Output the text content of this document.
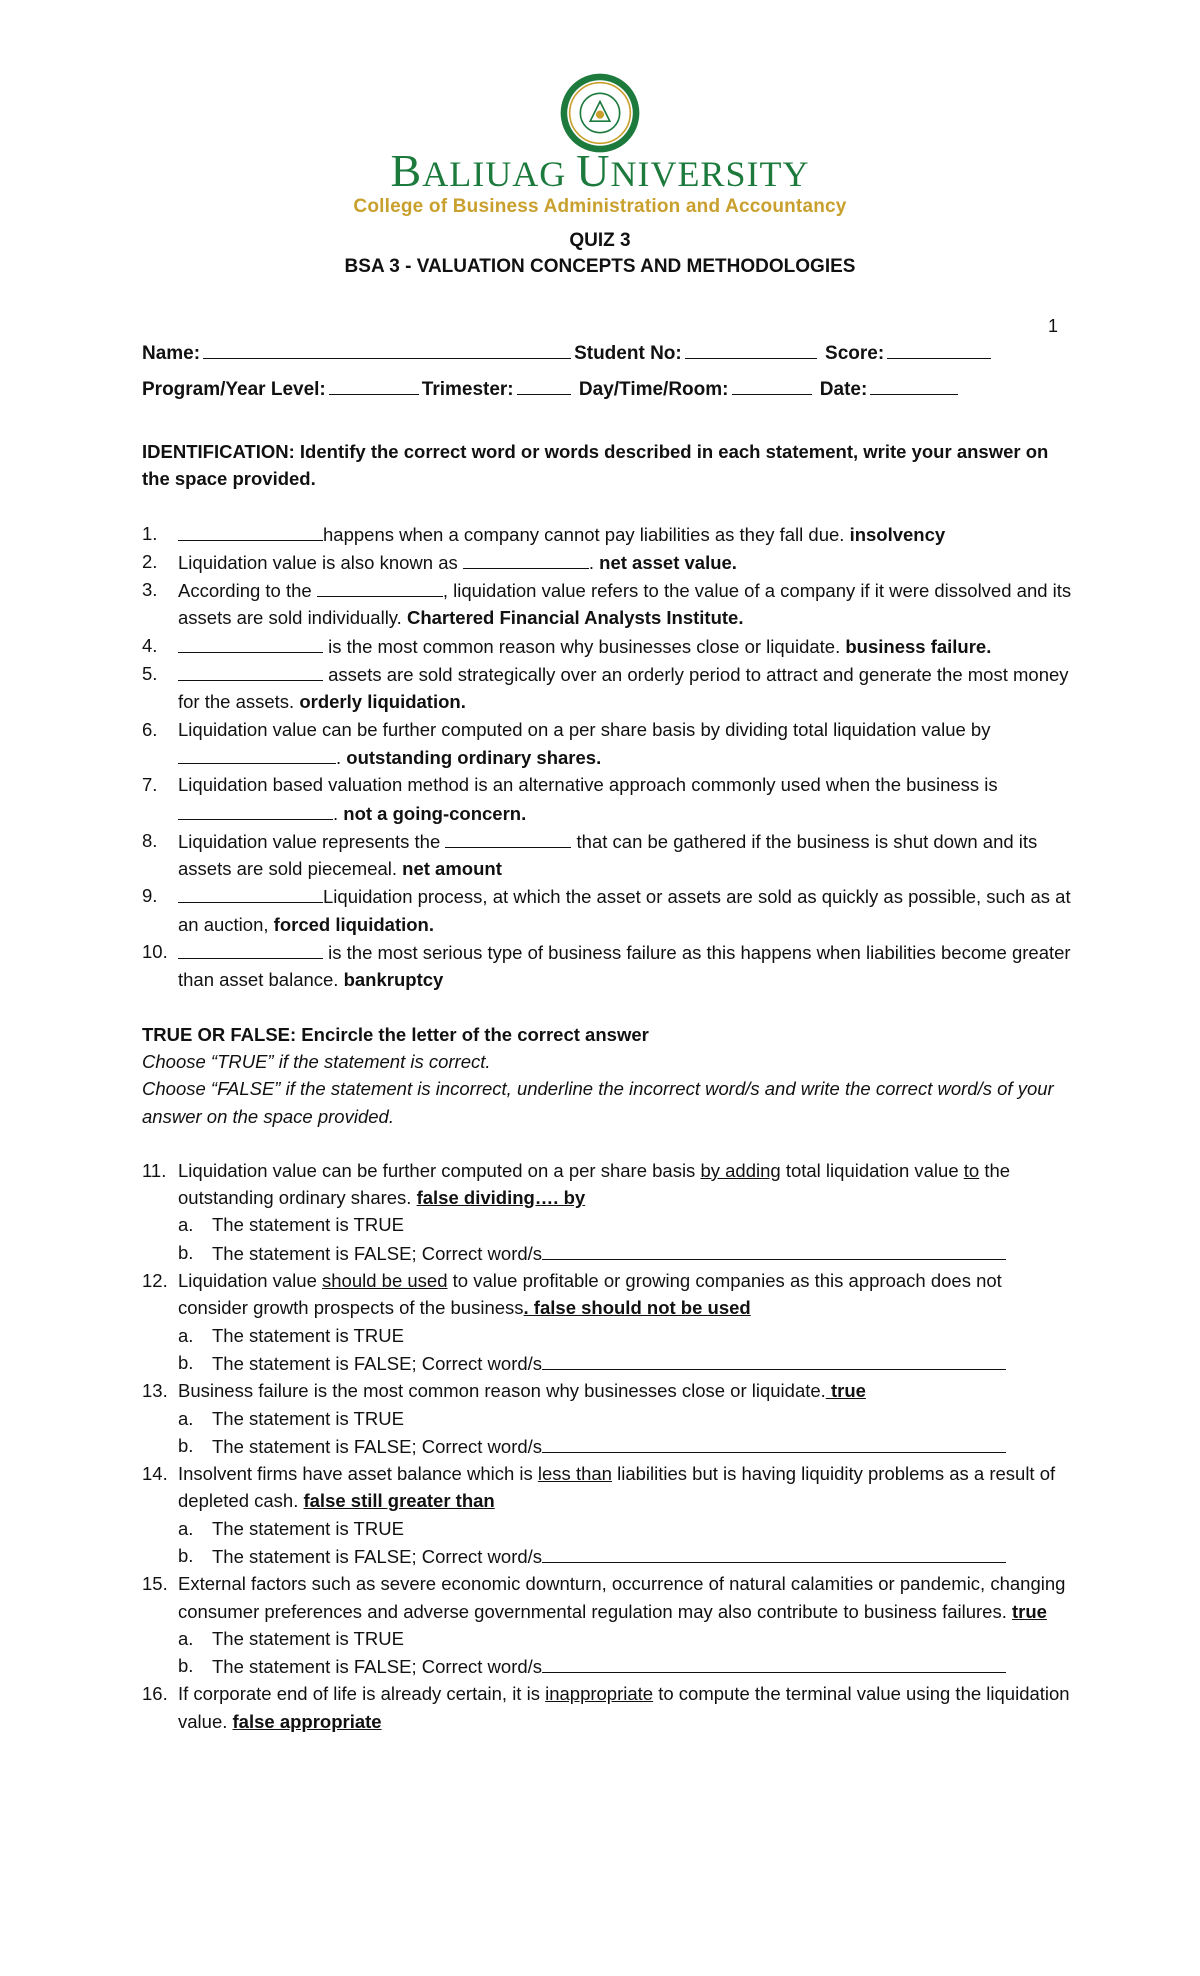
BALIUAG UNIVERSITY
College of Business Administration and Accountancy
QUIZ 3
BSA 3 - VALUATION CONCEPTS AND METHODOLOGIES
1
Name:	Student No:	Score:
Program/Year Level:	Trimester:	Day/Time/Room:	Date:
IDENTIFICATION: Identify the correct word or words described in each statement, write your answer on the space provided.
1.	happens when a company cannot pay liabilities as they fall due. insolvency
2.	Liquidation value is also known as	. net asset value.
3.	According to the	, liquidation value refers to the value of a company if it were dissolved and its assets are sold individually. Chartered Financial Analysts Institute.
4.	is the most common reason why businesses close or liquidate. business failure.
5.	assets are sold strategically over an orderly period to attract and generate the most money for the assets. orderly liquidation.
6.	Liquidation value can be further computed on a per share basis by dividing total liquidation value by . outstanding ordinary shares.
7.	Liquidation based valuation method is an alternative approach commonly used when the business is . not a going-concern.
8.	Liquidation value represents the	that can be gathered if the business is shut down and its assets are sold piecemeal. net amount
9.	Liquidation process, at which the asset or assets are sold as quickly as possible, such as at an auction, forced liquidation.
10.	is the most serious type of business failure as this happens when liabilities become greater than asset balance. bankruptcy
TRUE OR FALSE: Encircle the letter of the correct answer
Choose “TRUE” if the statement is correct.
Choose “FALSE” if the statement is incorrect, underline the incorrect word/s and write the correct word/s of your answer on the space provided.
11. Liquidation value can be further computed on a per share basis by adding total liquidation value to the outstanding ordinary shares. false dividing…. by
a.	The statement is TRUE
b.	The statement is FALSE; Correct word/s
12. Liquidation value should be used to value profitable or growing companies as this approach does not consider growth prospects of the business. false should not be used
a.	The statement is TRUE
b.	The statement is FALSE; Correct word/s
13. Business failure is the most common reason why businesses close or liquidate. true
a.	The statement is TRUE
b.	The statement is FALSE; Correct word/s
14. Insolvent firms have asset balance which is less than liabilities but is having liquidity problems as a result of depleted cash. false still greater than
a.	The statement is TRUE
b.	The statement is FALSE; Correct word/s
15. External factors such as severe economic downturn, occurrence of natural calamities or pandemic, changing consumer preferences and adverse governmental regulation may also contribute to business failures. true
a.	The statement is TRUE
b.	The statement is FALSE; Correct word/s
16. If corporate end of life is already certain, it is inappropriate to compute the terminal value using the liquidation value. false appropriate
